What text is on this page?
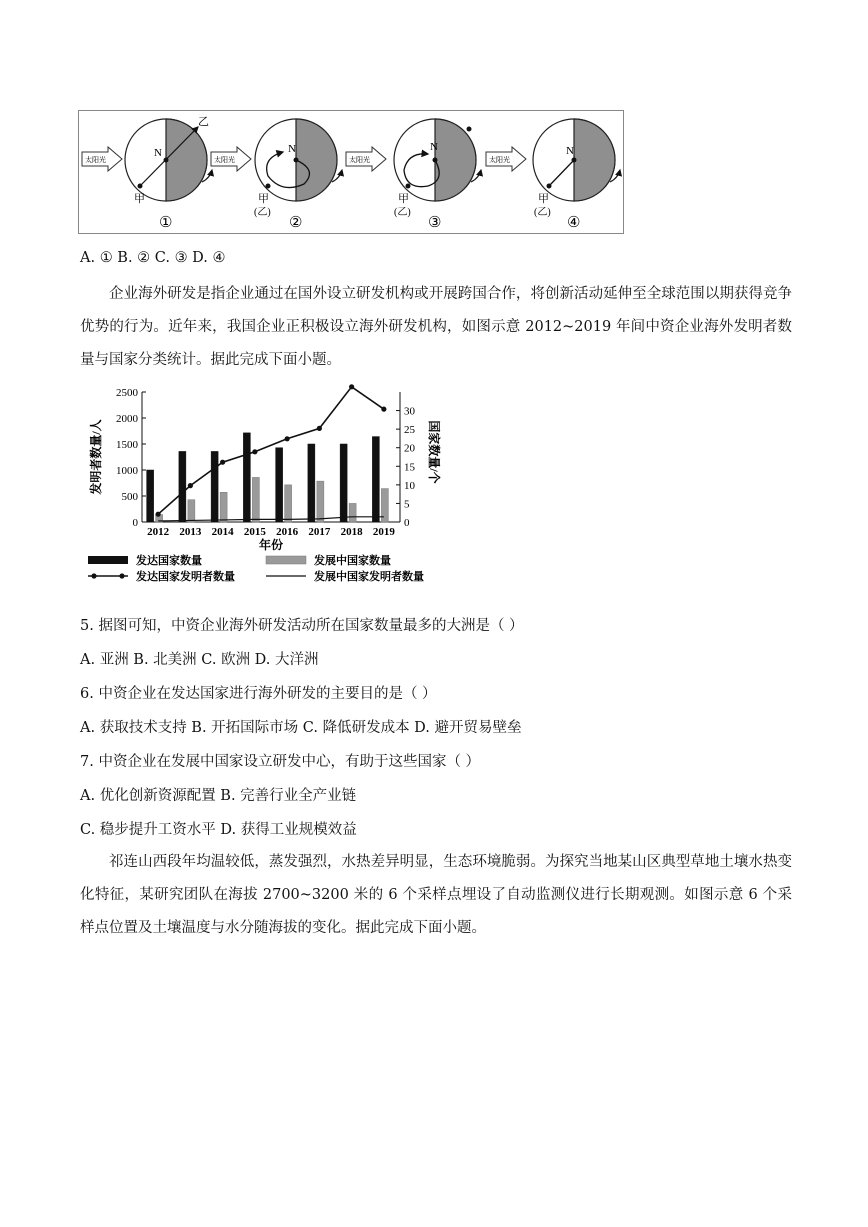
太阳光
N
乙
甲
①
太阳光
N
甲
(乙)
②
太阳光
N
甲
(乙)
③
太阳光
N
甲
(乙)
④
A. ① B. ② C. ③ D. ④
企业海外研发是指企业通过在国外设立研发机构或开展跨国合作，将创新活动延伸至全球范围以期获得竞争优势的行为。近年来，我国企业正积极设立海外研发机构，如图示意 2012~2019 年间中资企业海外发明者数量与国家分类统计。据此完成下面小题。
0
500
1000
1500
2000
2500
0
5
10
15
20
25
30
2012 2013 2014 2015 2016 2017 2018 2019
年份
发明者数量/人	国家数量/个
发达国家数量	发展中国家数量
发达国家发明者数量	发展中国家发明者数量
5. 据图可知，中资企业海外研发活动所在国家数量最多的大洲是（ ）
A. 亚洲 B. 北美洲 C. 欧洲 D. 大洋洲
6. 中资企业在发达国家进行海外研发的主要目的是（ ）
A. 获取技术支持 B. 开拓国际市场 C. 降低研发成本 D. 避开贸易壁垒
7. 中资企业在发展中国家设立研发中心，有助于这些国家（ ）
A. 优化创新资源配置 B. 完善行业全产业链
C. 稳步提升工资水平 D. 获得工业规模效益
祁连山西段年均温较低，蒸发强烈，水热差异明显，生态环境脆弱。为探究当地某山区典型草地土壤水热变化特征，某研究团队在海拔 2700~3200 米的 6 个采样点埋设了自动监测仪进行长期观测。如图示意 6 个采样点位置及土壤温度与水分随海拔的变化。据此完成下面小题。
